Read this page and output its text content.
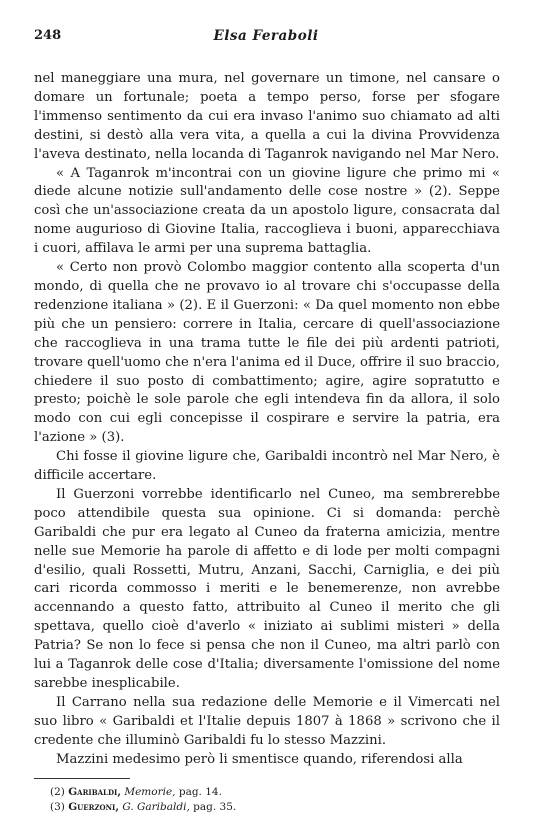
248	Elsa Feraboli

nel maneggiare una mura, nel governare un timone, nel cansare o domare un fortunale; poeta a tempo perso, forse per sfogare l'immenso sentimento da cui era invaso l'animo suo chiamato ad alti destini, si destò alla vera vita, a quella a cui la divina Provvidenza l'aveva destinato, nella locanda di Taganrok navigando nel Mar Nero.

« A Taganrok m'incontrai con un giovine ligure che primo mi « diede alcune notizie sull'andamento delle cose nostre » (2). Seppe così che un'associazione creata da un apostolo ligure, consacrata dal nome augurioso di Giovine Italia, raccoglieva i buoni, apparecchiava i cuori, affilava le armi per una suprema battaglia.

« Certo non provò Colombo maggior contento alla scoperta d'un mondo, di quella che ne provavo io al trovare chi s'occupasse della redenzione italiana » (2). E il Guerzoni: « Da quel momento non ebbe più che un pensiero: correre in Italia, cercare di quell'associazione che raccoglieva in una trama tutte le file dei più ardenti patrioti, trovare quell'uomo che n'era l'anima ed il Duce, offrire il suo braccio, chiedere il suo posto di combattimento; agire, agire sopratutto e presto; poichè le sole parole che egli intendeva fin da allora, il solo modo con cui egli concepisse il cospirare e servire la patria, era l'azione » (3).

Chi fosse il giovine ligure che, Garibaldi incontrò nel Mar Nero, è difficile accertare.

Il Guerzoni vorrebbe identificarlo nel Cuneo, ma sembrerebbe poco attendibile questa sua opinione. Ci si domanda: perchè Garibaldi che pur era legato al Cuneo da fraterna amicizia, mentre nelle sue Memorie ha parole di affetto e di lode per molti compagni d'esilio, quali Rossetti, Mutru, Anzani, Sacchi, Carniglia, e dei più cari ricorda commosso i meriti e le benemerenze, non avrebbe accennando a questo fatto, attribuito al Cuneo il merito che gli spettava, quello cioè d'averlo « iniziato ai sublimi misteri » della Patria? Se non lo fece si pensa che non il Cuneo, ma altri parlò con lui a Taganrok delle cose d'Italia; diversamente l'omissione del nome sarebbe inesplicabile.

Il Carrano nella sua redazione delle Memorie e il Vimercati nel suo libro « Garibaldi et l'Italie depuis 1807 à 1868 » scrivono che il credente che illuminò Garibaldi fu lo stesso Mazzini.

Mazzini medesimo però li smentisce quando, riferendosi alla

(2) Garibaldi, Memorie, pag. 14.

(3) Guerzoni, G. Garibaldi, pag. 35.
